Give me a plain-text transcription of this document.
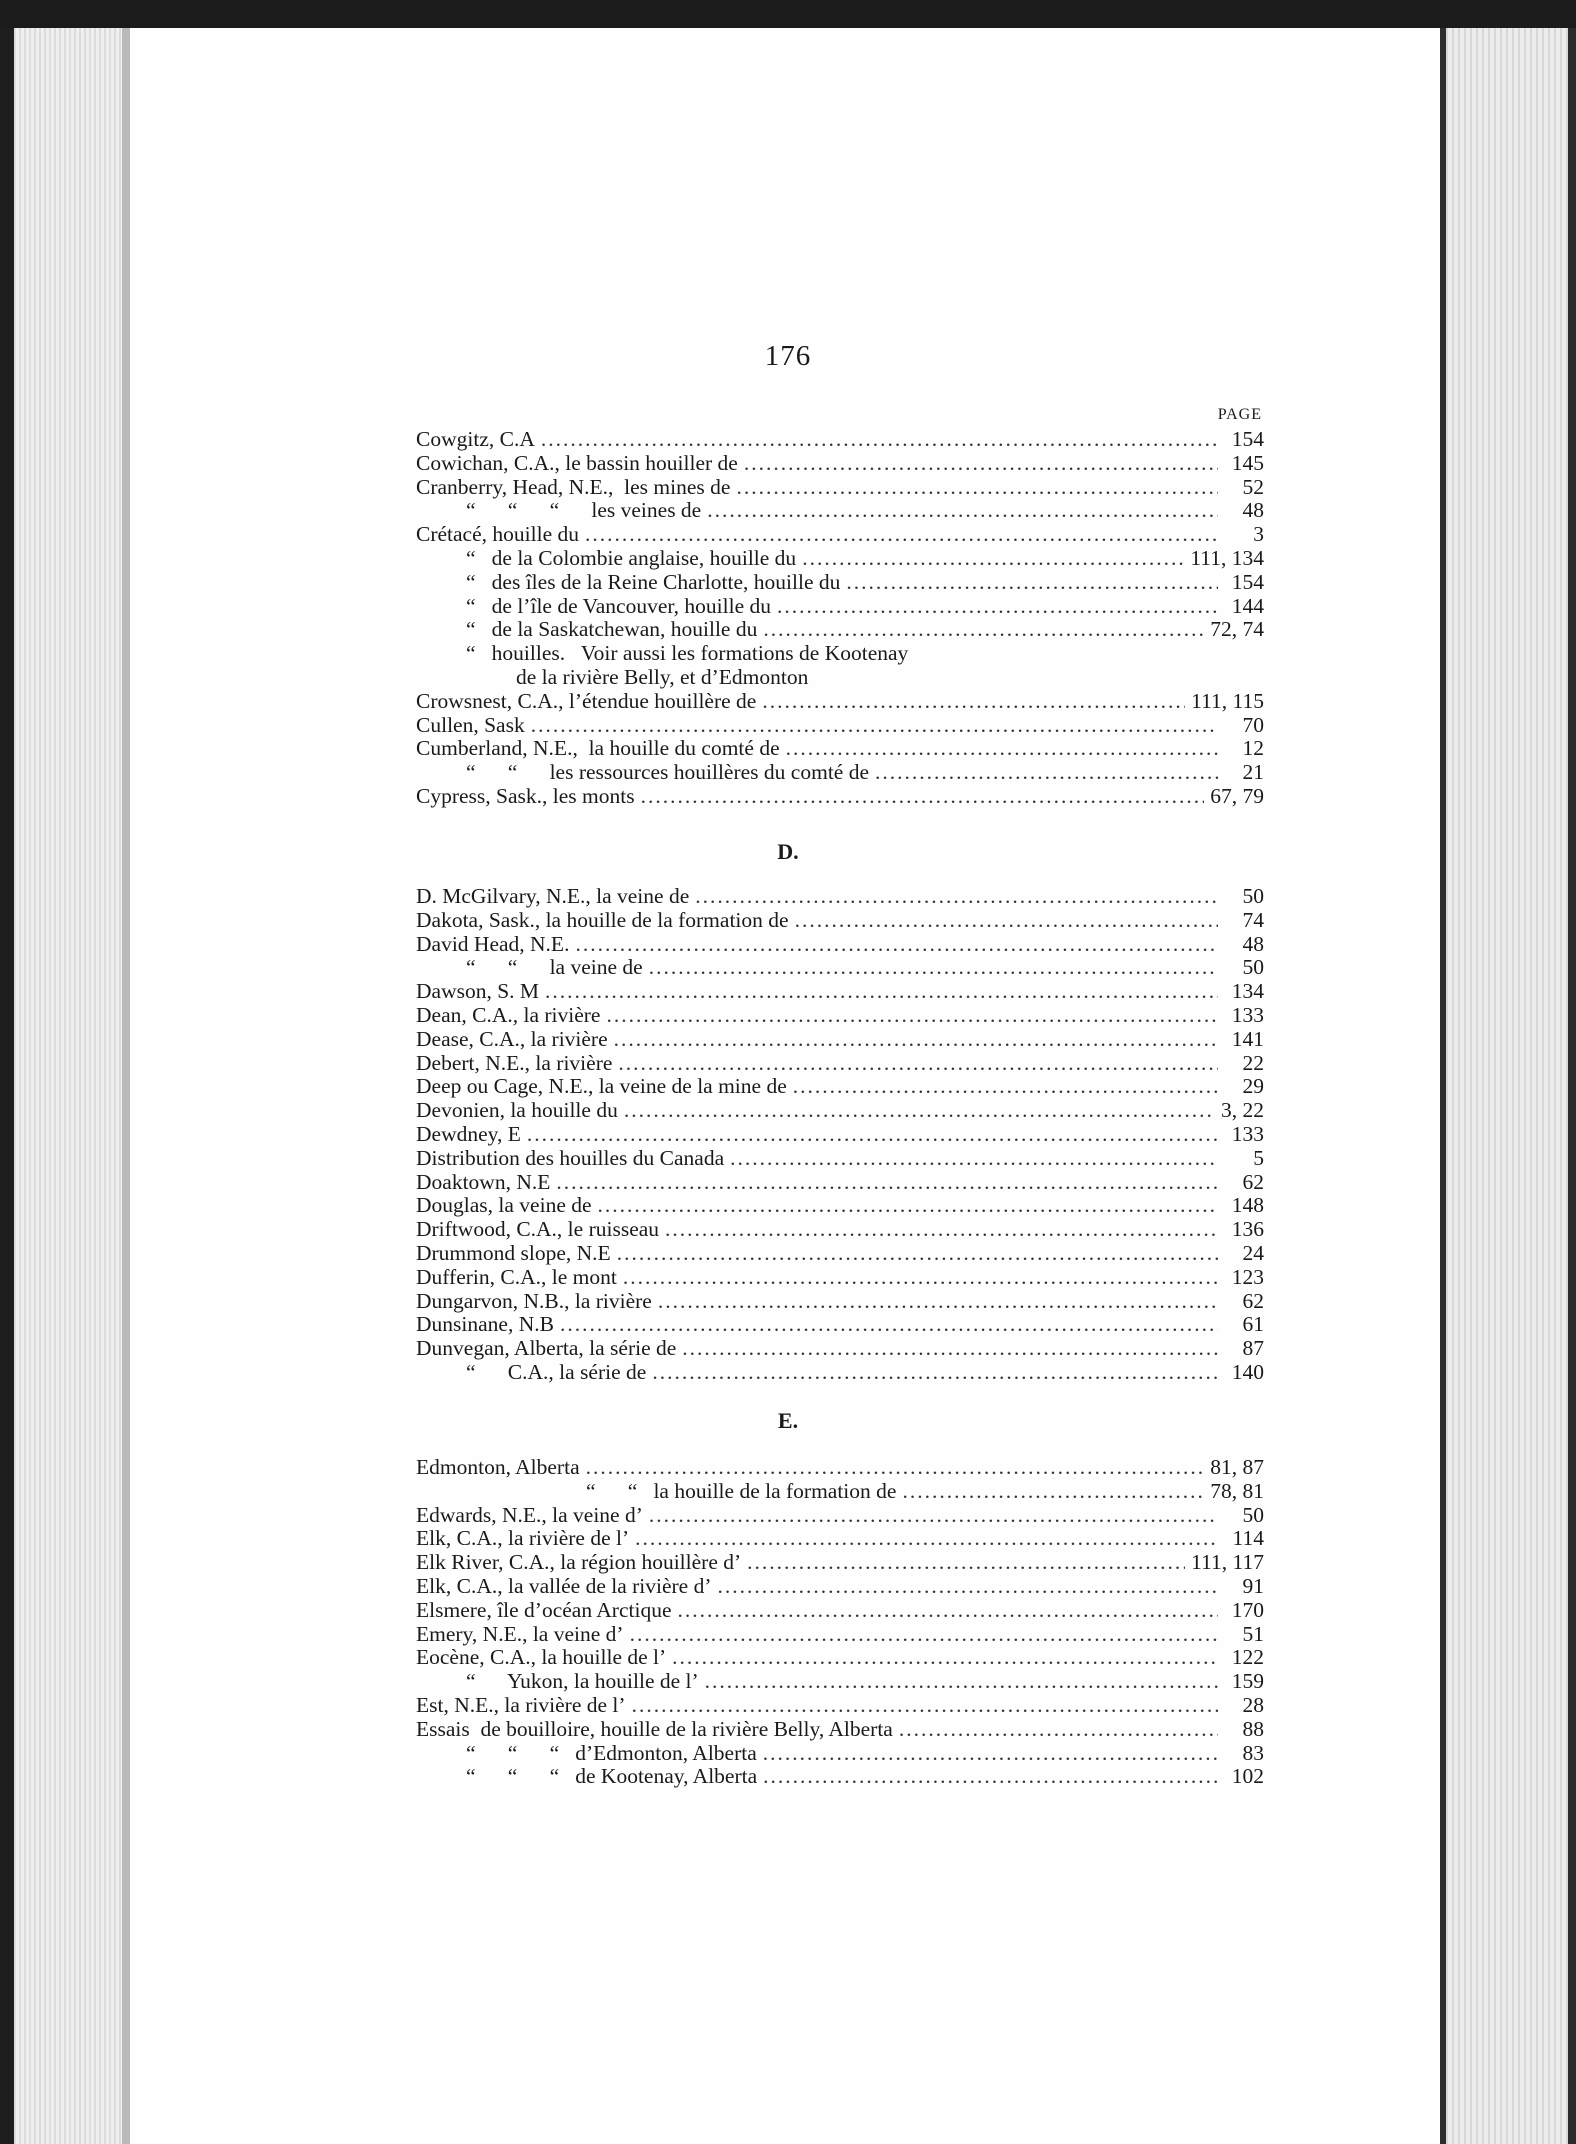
176
PAGE
Cowgitz, C.A .....	154
Cowichan, C.A., le bassin houiller de .....	145
Cranberry, Head, N.E.,  les mines de .....	52
“      “      “      les veines de .....	48
Crétacé, houille du .....	3
“   de la Colombie anglaise, houille du .....	111, 134
“   des îles de la Reine Charlotte, houille du .....	154
“   de l’île de Vancouver, houille du .....	144
“   de la Saskatchewan, houille du .....	72, 74
“   houilles.   Voir aussi les formations de Kootenay
de la rivière Belly, et d’Edmonton
Crowsnest, C.A., l’étendue houillère de .....	111, 115
Cullen, Sask .....	70
Cumberland, N.E.,  la houille du comté de .....	12
“      “      les ressources houillères du comté de .....	21
Cypress, Sask., les monts .....	67, 79
D.
D. McGilvary, N.E., la veine de .....	50
Dakota, Sask., la houille de la formation de .....	74
David Head, N.E. .....	48
“      “      la veine de .....	50
Dawson, S. M .....	134
Dean, C.A., la rivière .....	133
Dease, C.A., la rivière .....	141
Debert, N.E., la rivière .....	22
Deep ou Cage, N.E., la veine de la mine de .....	29
Devonien, la houille du .....	3, 22
Dewdney, E .....	133
Distribution des houilles du Canada .....	5
Doaktown, N.E .....	62
Douglas, la veine de .....	148
Driftwood, C.A., le ruisseau .....	136
Drummond slope, N.E .....	24
Dufferin, C.A., le mont .....	123
Dungarvon, N.B., la rivière .....	62
Dunsinane, N.B .....	61
Dunvegan, Alberta, la série de .....	87
“      C.A., la série de .....	140
E.
Edmonton, Alberta .....	81, 87
“      “   la houille de la formation de .....	78, 81
Edwards, N.E., la veine d’ .....	50
Elk, C.A., la rivière de l’ .....	114
Elk River, C.A., la région houillère d’ .....	111, 117
Elk, C.A., la vallée de la rivière d’ .....	91
Elsmere, île d’océan Arctique .....	170
Emery, N.E., la veine d’ .....	51
Eocène, C.A., la houille de l’ .....	122
“      Yukon, la houille de l’ .....	159
Est, N.E., la rivière de l’ .....	28
Essais  de bouilloire, houille de la rivière Belly, Alberta .....	88
“      “      “   d’Edmonton, Alberta .....	83
“      “      “   de Kootenay, Alberta .....	102
